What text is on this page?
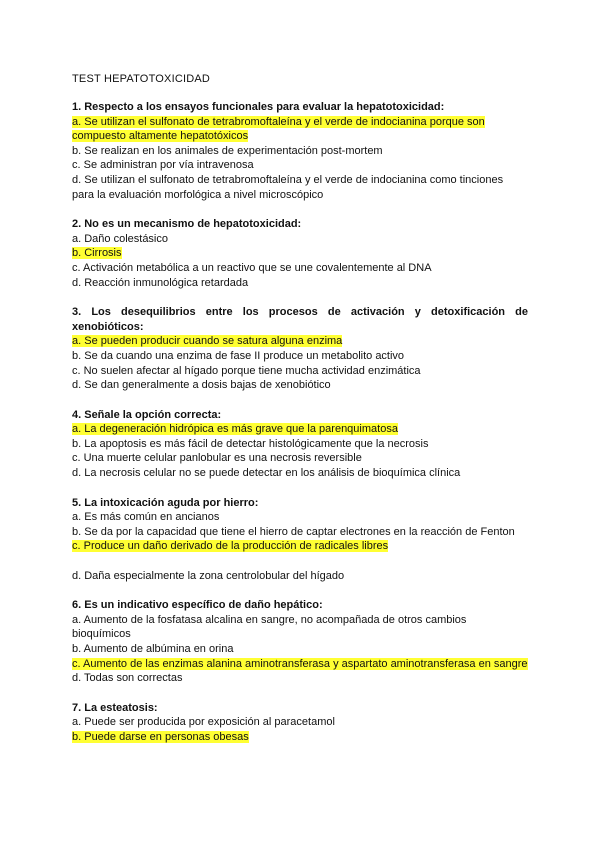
TEST HEPATOTOXICIDAD

1. Respecto a los ensayos funcionales para evaluar la hepatotoxicidad:

a. Se utilizan el sulfonato de tetrabromoftaleína y el verde de indocianina porque son compuesto altamente hepatotóxicos
b. Se realizan en los animales de experimentación post-mortem
c. Se administran por vía intravenosa
d. Se utilizan el sulfonato de tetrabromoftaleína y el verde de indocianina como tinciones para la evaluación morfológica a nivel microscópico

2. No es un mecanismo de hepatotoxicidad:

a. Daño colestásico
b. Cirrosis
c. Activación metabólica a un reactivo que se une covalentemente al DNA
d. Reacción inmunológica retardada

3. Los desequilibrios entre los procesos de activación y detoxificación de xenobióticos:

a. Se pueden producir cuando se satura alguna enzima
b. Se da cuando una enzima de fase II produce un metabolito activo
c. No suelen afectar al hígado porque tiene mucha actividad enzimática
d. Se dan generalmente a dosis bajas de xenobiótico

4. Señale la opción correcta:

a. La degeneración hidrópica es más grave que la parenquimatosa
b. La apoptosis es más fácil de detectar histológicamente que la necrosis
c. Una muerte celular panlobular es una necrosis reversible
d. La necrosis celular no se puede detectar en los análisis de bioquímica clínica

5. La intoxicación aguda por hierro:

a. Es más común en ancianos
b. Se da por la capacidad que tiene el hierro de captar electrones en la reacción de Fenton
c. Produce un daño derivado de la producción de radicales libres
d. Daña especialmente la zona centrolobular del hígado

6. Es un indicativo específico de daño hepático:

a. Aumento de la fosfatasa alcalina en sangre, no acompañada de otros cambios bioquímicos
b. Aumento de albúmina en orina
c. Aumento de las enzimas alanina aminotransferasa y aspartato aminotransferasa en sangre
d. Todas son correctas

7. La esteatosis:

a. Puede ser producida por exposición al paracetamol
b. Puede darse en personas obesas
